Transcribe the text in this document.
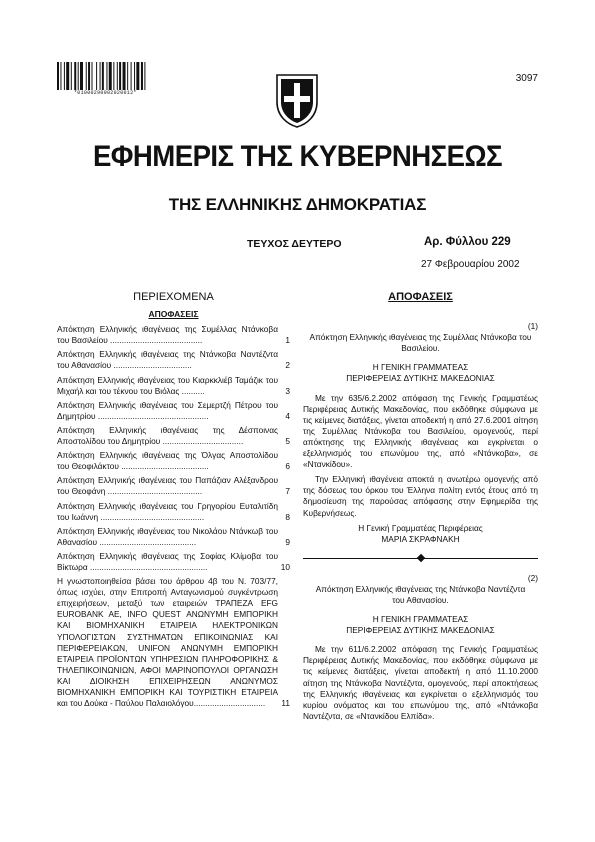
*01000290902020012*
3097
ΕΦΗΜΕΡΙΣ ΤΗΣ ΚΥΒΕΡΝΗΣΕΩΣ
ΤΗΣ ΕΛΛΗΝΙΚΗΣ ΔΗΜΟΚΡΑΤΙΑΣ
ΤΕΥΧΟΣ ΔΕΥΤΕΡΟ	Αρ. Φύλλου 229
27 Φεβρουαρίου 2002
ΠΕΡΙΕΧΟΜΕΝΑ
ΑΠΟΦΑΣΕΙΣ
Απόκτηση Ελληνικής ιθαγένειας της Συμέλλας Ντάνκοβα του Βασιλείου ........................................	1
Απόκτηση Ελληνικής ιθαγένειας της Ντάνκοβα Ναντέζντα του Αθανασίου ..................................	2
Απόκτηση Ελληνικής ιθαγένειας του Κιαρκκλιέβ Ταμάζικ του Μιχαήλ και του τέκνου του Βιόλας ..........	3
Απόκτηση Ελληνικής ιθαγένειας του Σεμερτζή Πέτρου του Δημητρίου ................................................	4
Απόκτηση Ελληνικής ιθαγένειας της Δέσποινας Αποστολίδου του Δημητρίου ...................................	5
Απόκτηση Ελληνικής ιθαγένειας της Όλγας Αποστολίδου του Θεοφιλάκτου ......................................	6
Απόκτηση Ελληνικής ιθαγένειας του Παπάζιαν Αλέξανδρου του Θεοφάνη .........................................	7
Απόκτηση Ελληνικής ιθαγένειας του Γρηγορίου Ευταλιτίδη του Ιωάννη .............................................	8
Απόκτηση Ελληνικής ιθαγένειας του Νικολάου Ντάνκωβ του Αθανασίου ..........................................	9
Απόκτηση Ελληνικής ιθαγένειας της Σοφίας Κλίμοβα του Βίκτωρα ...................................................	10
Η γνωστοποιηθείσα βάσει του άρθρου 4β του Ν. 703/77, όπως ισχύει, στην Επιτροπή Ανταγωνισμού συγκέντρωση επιχειρήσεων, μεταξύ των εταιρειών ΤΡΑΠΕΖΑ EFG EUROBANK AE, INFO QUEST ΑΝΩΝΥΜΗ ΕΜΠΟΡΙΚΗ ΚΑΙ ΒΙΟΜΗΧΑΝΙΚΗ ΕΤΑΙΡΕΙΑ ΗΛΕΚΤΡΟΝΙΚΩΝ ΥΠΟΛΟΓΙΣΤΩΝ ΣΥΣΤΗΜΑΤΩΝ ΕΠΙΚΟΙΝΩΝΙΑΣ ΚΑΙ ΠΕΡΙΦΕΡΕΙΑΚΩΝ, UNIFON ΑΝΩΝΥΜΗ ΕΜΠΟΡΙΚΗ ΕΤΑΙΡΕΙΑ ΠΡΟΪΟΝΤΩΝ ΥΠΗΡΕΣΙΩΝ ΠΛΗΡΟΦΟΡΙΚΗΣ & ΤΗΛΕΠΙΚΟΙΝΩΝΙΩΝ, ΑΦΟΙ ΜΑΡΙΝΟΠΟΥΛΟΙ ΟΡΓΑΝΩΣΗ ΚΑΙ ΔΙΟΙΚΗΣΗ ΕΠΙΧΕΙΡΗΣΕΩΝ ΑΝΩΝΥΜΟΣ ΒΙΟΜΗΧΑΝΙΚΗ ΕΜΠΟΡΙΚΗ ΚΑΙ ΤΟΥΡΙΣΤΙΚΗ ΕΤΑΙΡΕΙΑ και του Δούκα - Παύλου Παλαιολόγου...............................	11
ΑΠΟΦΑΣΕΙΣ
(1)
Απόκτηση Ελληνικής ιθαγένειας της Συμέλλας Ντάνκοβα του Βασιλείου.
Η ΓΕΝΙΚΗ ΓΡΑΜΜΑΤΕΑΣ
ΠΕΡΙΦΕΡΕΙΑΣ ΔΥΤΙΚΗΣ ΜΑΚΕΔΟΝΙΑΣ
Με την 635/6.2.2002 απόφαση της Γενικής Γραμματέως Περιφέρειας Δυτικής Μακεδονίας, που εκδόθηκε σύμφωνα με τις κείμενες διατάξεις, γίνεται αποδεκτή η από 27.6.2001 αίτηση της Συμέλλας Ντάνκοβα του Βασιλείου, ομογενούς, περί απόκτησης της Ελληνικής ιθαγένειας και εγκρίνεται ο εξελληνισμός του επωνύμου της, από «Ντάνκοβα», σε «Ντανκίδου».
Την Ελληνική ιθαγένεια αποκτά η ανωτέρω ομογενής από της δόσεως του όρκου του Έλληνα πολίτη εντός έτους από τη δημοσίευση της παρούσας απόφασης στην Εφημερίδα της Κυβερνήσεως.
Η Γενική Γραμματέας Περιφέρειας
ΜΑΡΙΑ ΣΚΡΑΦΝΑΚΗ
(2)
Απόκτηση Ελληνικής ιθαγένειας της Ντάνκοβα Ναντέζντα του Αθανασίου.
Η ΓΕΝΙΚΗ ΓΡΑΜΜΑΤΕΑΣ
ΠΕΡΙΦΕΡΕΙΑΣ ΔΥΤΙΚΗΣ ΜΑΚΕΔΟΝΙΑΣ
Με την 611/6.2.2002 απόφαση της Γενικής Γραμματέως Περιφέρειας Δυτικής Μακεδονίας, που εκδόθηκε σύμφωνα με τις κείμενες διατάξεις, γίνεται αποδεκτή η από 11.10.2000 αίτηση της Ντάνκοβα Ναντέζντα, ομογενούς, περί αποκτήσεως της Ελληνικής ιθαγένειας και εγκρίνεται ο εξελληνισμός του κυρίου ονόματος και του επωνύμου της, από «Ντάνκοβα Ναντέζντα, σε «Ντανκίδου Ελπίδα».
